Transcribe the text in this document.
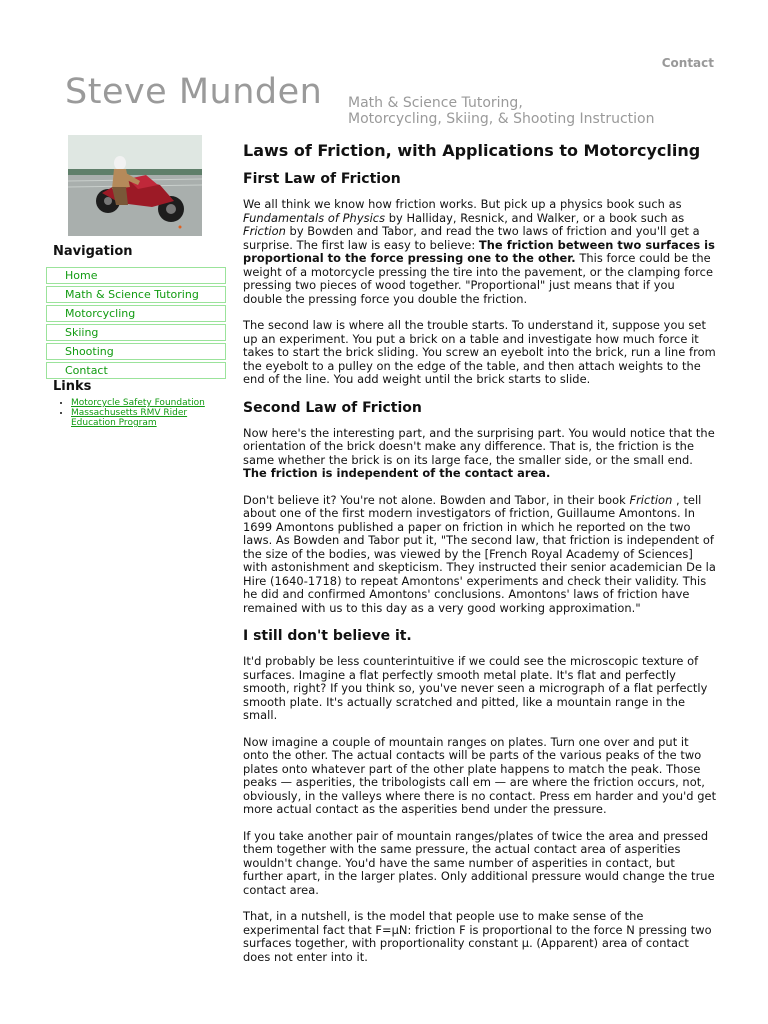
Contact
Steve Munden Math & Science Tutoring,
Motorcycling, Skiing, & Shooting Instruction
Navigation
Home
Math & Science Tutoring
Motorcycling
Skiing
Shooting
Contact
Links
• Motorcycle Safety Foundation
• Massachusetts RMV Rider Education Program
Laws of Friction, with Applications to Motorcycling
First Law of Friction

We all think we know how friction works. But pick up a physics book such as Fundamentals of Physics by Halliday, Resnick, and Walker, or a book such as Friction by Bowden and Tabor, and read the two laws of friction and you'll get a surprise. The first law is easy to believe: The friction between two surfaces is proportional to the force pressing one to the other. This force could be the weight of a motorcycle pressing the tire into the pavement, or the clamping force pressing two pieces of wood together. "Proportional" just means that if you double the pressing force you double the friction.

The second law is where all the trouble starts. To understand it, suppose you set up an experiment. You put a brick on a table and investigate how much force it takes to start the brick sliding. You screw an eyebolt into the brick, run a line from the eyebolt to a pulley on the edge of the table, and then attach weights to the end of the line. You add weight until the brick starts to slide.

Second Law of Friction

Now here's the interesting part, and the surprising part. You would notice that the orientation of the brick doesn't make any difference. That is, the friction is the same whether the brick is on its large face, the smaller side, or the small end. The friction is independent of the contact area.

Don't believe it? You're not alone. Bowden and Tabor, in their book Friction , tell about one of the first modern investigators of friction, Guillaume Amontons. In 1699 Amontons published a paper on friction in which he reported on the two laws. As Bowden and Tabor put it, "The second law, that friction is independent of the size of the bodies, was viewed by the [French Royal Academy of Sciences] with astonishment and skepticism. They instructed their senior academician De la Hire (1640-1718) to repeat Amontons' experiments and check their validity. This he did and confirmed Amontons' conclusions. Amontons' laws of friction have remained with us to this day as a very good working approximation."

I still don't believe it.

It'd probably be less counterintuitive if we could see the microscopic texture of surfaces. Imagine a flat perfectly smooth metal plate. It's flat and perfectly smooth, right? If you think so, you've never seen a micrograph of a flat perfectly smooth plate. It's actually scratched and pitted, like a mountain range in the small.

Now imagine a couple of mountain ranges on plates. Turn one over and put it onto the other. The actual contacts will be parts of the various peaks of the two plates onto whatever part of the other plate happens to match the peak. Those peaks — asperities, the tribologists call em — are where the friction occurs, not, obviously, in the valleys where there is no contact. Press em harder and you'd get more actual contact as the asperities bend under the pressure.

If you take another pair of mountain ranges/plates of twice the area and pressed them together with the same pressure, the actual contact area of asperities wouldn't change. You'd have the same number of asperities in contact, but further apart, in the larger plates. Only additional pressure would change the true contact area.

That, in a nutshell, is the model that people use to make sense of the experimental fact that F=μN: friction F is proportional to the force N pressing two surfaces together, with proportionality constant μ. (Apparent) area of contact does not enter into it.
